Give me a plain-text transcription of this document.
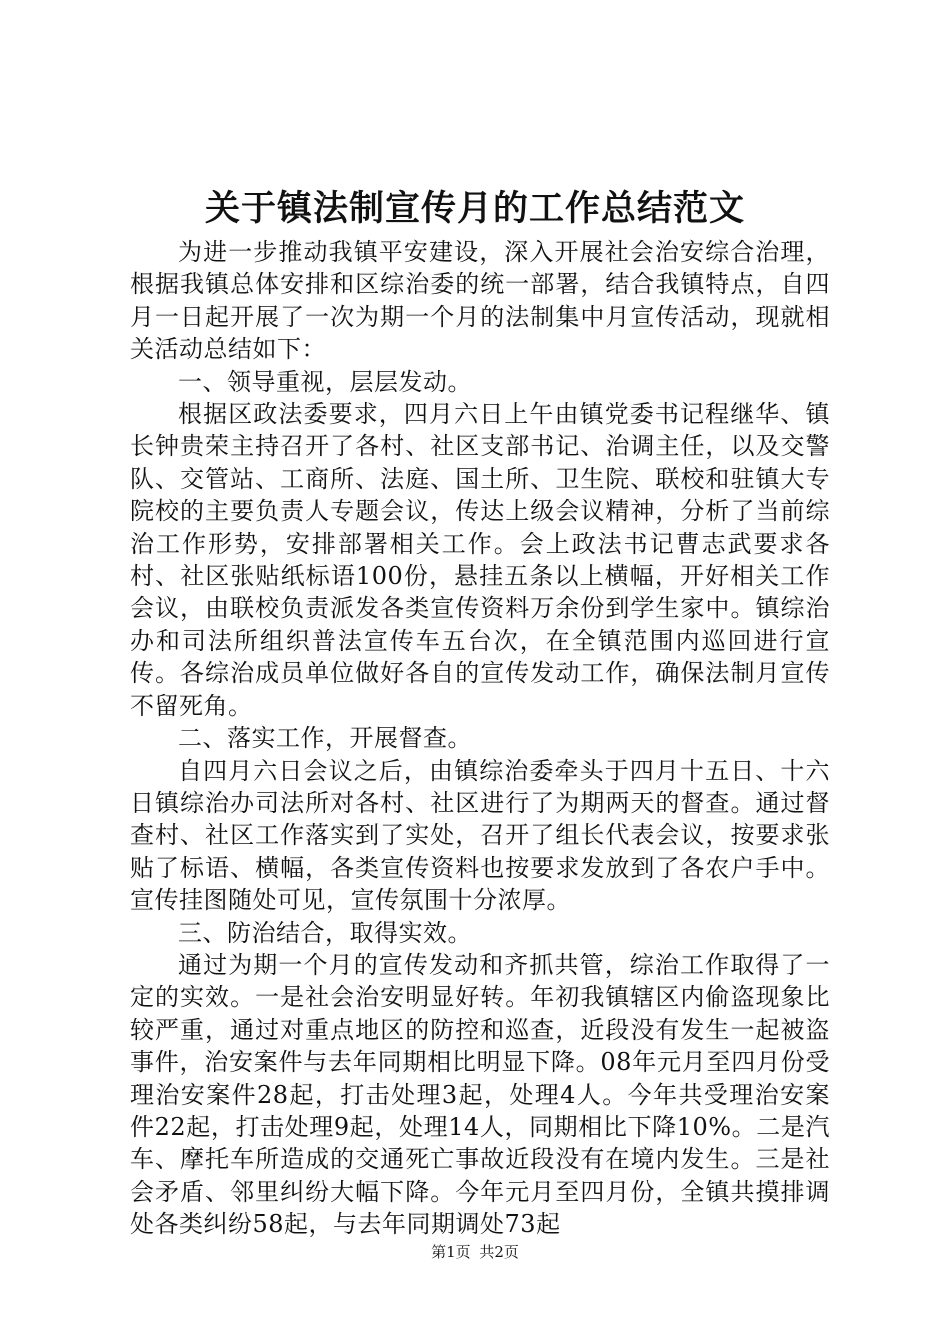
关于镇法制宣传月的工作总结范文

为进一步推动我镇平安建设，深入开展社会治安综合治理，根据我镇总体安排和区综治委的统一部署，结合我镇特点，自四月一日起开展了一次为期一个月的法制集中月宣传活动，现就相关活动总结如下：

一、领导重视，层层发动。

根据区政法委要求，四月六日上午由镇党委书记程继华、镇长钟贵荣主持召开了各村、社区支部书记、治调主任，以及交警队、交管站、工商所、法庭、国土所、卫生院、联校和驻镇大专院校的主要负责人专题会议，传达上级会议精神，分析了当前综治工作形势，安排部署相关工作。会上政法书记曹志武要求各村、社区张贴纸标语100份，悬挂五条以上横幅，开好相关工作会议，由联校负责派发各类宣传资料万余份到学生家中。镇综治办和司法所组织普法宣传车五台次，在全镇范围内巡回进行宣传。各综治成员单位做好各自的宣传发动工作，确保法制月宣传不留死角。

二、落实工作，开展督查。

自四月六日会议之后，由镇综治委牵头于四月十五日、十六日镇综治办司法所对各村、社区进行了为期两天的督查。通过督查村、社区工作落实到了实处，召开了组长代表会议，按要求张贴了标语、横幅，各类宣传资料也按要求发放到了各农户手中。宣传挂图随处可见，宣传氛围十分浓厚。

三、防治结合，取得实效。

通过为期一个月的宣传发动和齐抓共管，综治工作取得了一定的实效。一是社会治安明显好转。年初我镇辖区内偷盗现象比较严重，通过对重点地区的防控和巡查，近段没有发生一起被盗事件，治安案件与去年同期相比明显下降。08年元月至四月份受理治安案件28起，打击处理3起，处理4人。今年共受理治安案件22起，打击处理9起，处理14人，同期相比下降10%。二是汽车、摩托车所造成的交通死亡事故近段没有在境内发生。三是社会矛盾、邻里纠纷大幅下降。今年元月至四月份，全镇共摸排调处各类纠纷58起，与去年同期调处73起

第1页 共2页
